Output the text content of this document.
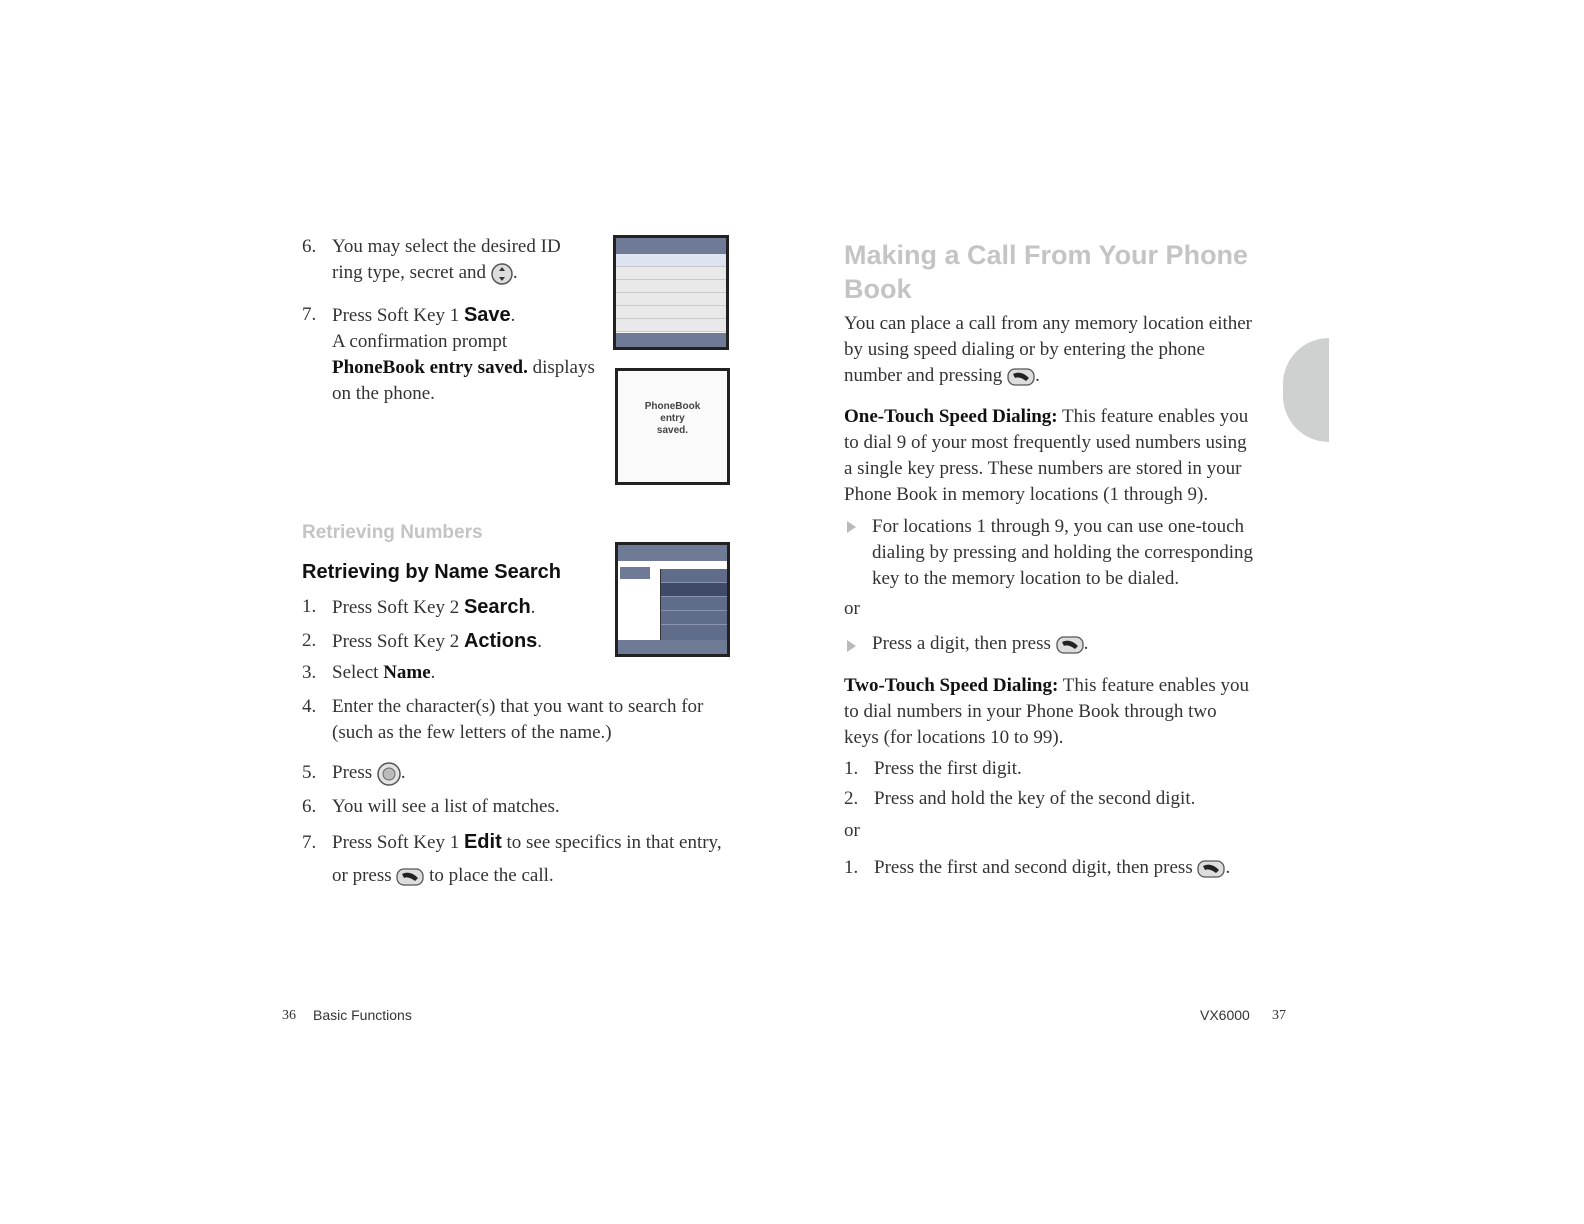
6. You may select the desired ID
ring type, secret and .
7. Press Soft Key 1 Save.
A confirmation prompt
PhoneBook entry saved. displays
on the phone.
PhoneBook
entry
saved.
Retrieving Numbers
Retrieving by Name Search
1. Press Soft Key 2 Search.
2. Press Soft Key 2 Actions.
3. Select Name.
4. Enter the character(s) that you want to search for
(such as the few letters of the name.)
5. Press .
6. You will see a list of matches.
7. Press Soft Key 1 Edit to see specifics in that entry,
or press  to place the call.
36 Basic Functions
Making a Call From Your Phone
Book
You can place a call from any memory location either
by using speed dialing or by entering the phone
number and pressing .
One-Touch Speed Dialing: This feature enables you
to dial 9 of your most frequently used numbers using
a single key press. These numbers are stored in your
Phone Book in memory locations (1 through 9).
For locations 1 through 9, you can use one-touch
dialing by pressing and holding the corresponding
key to the memory location to be dialed.
or
Press a digit, then press .
Two-Touch Speed Dialing: This feature enables you
to dial numbers in your Phone Book through two
keys (for locations 10 to 99).
1. Press the first digit.
2. Press and hold the key of the second digit.
or
1. Press the first and second digit, then press .
VX6000 37
